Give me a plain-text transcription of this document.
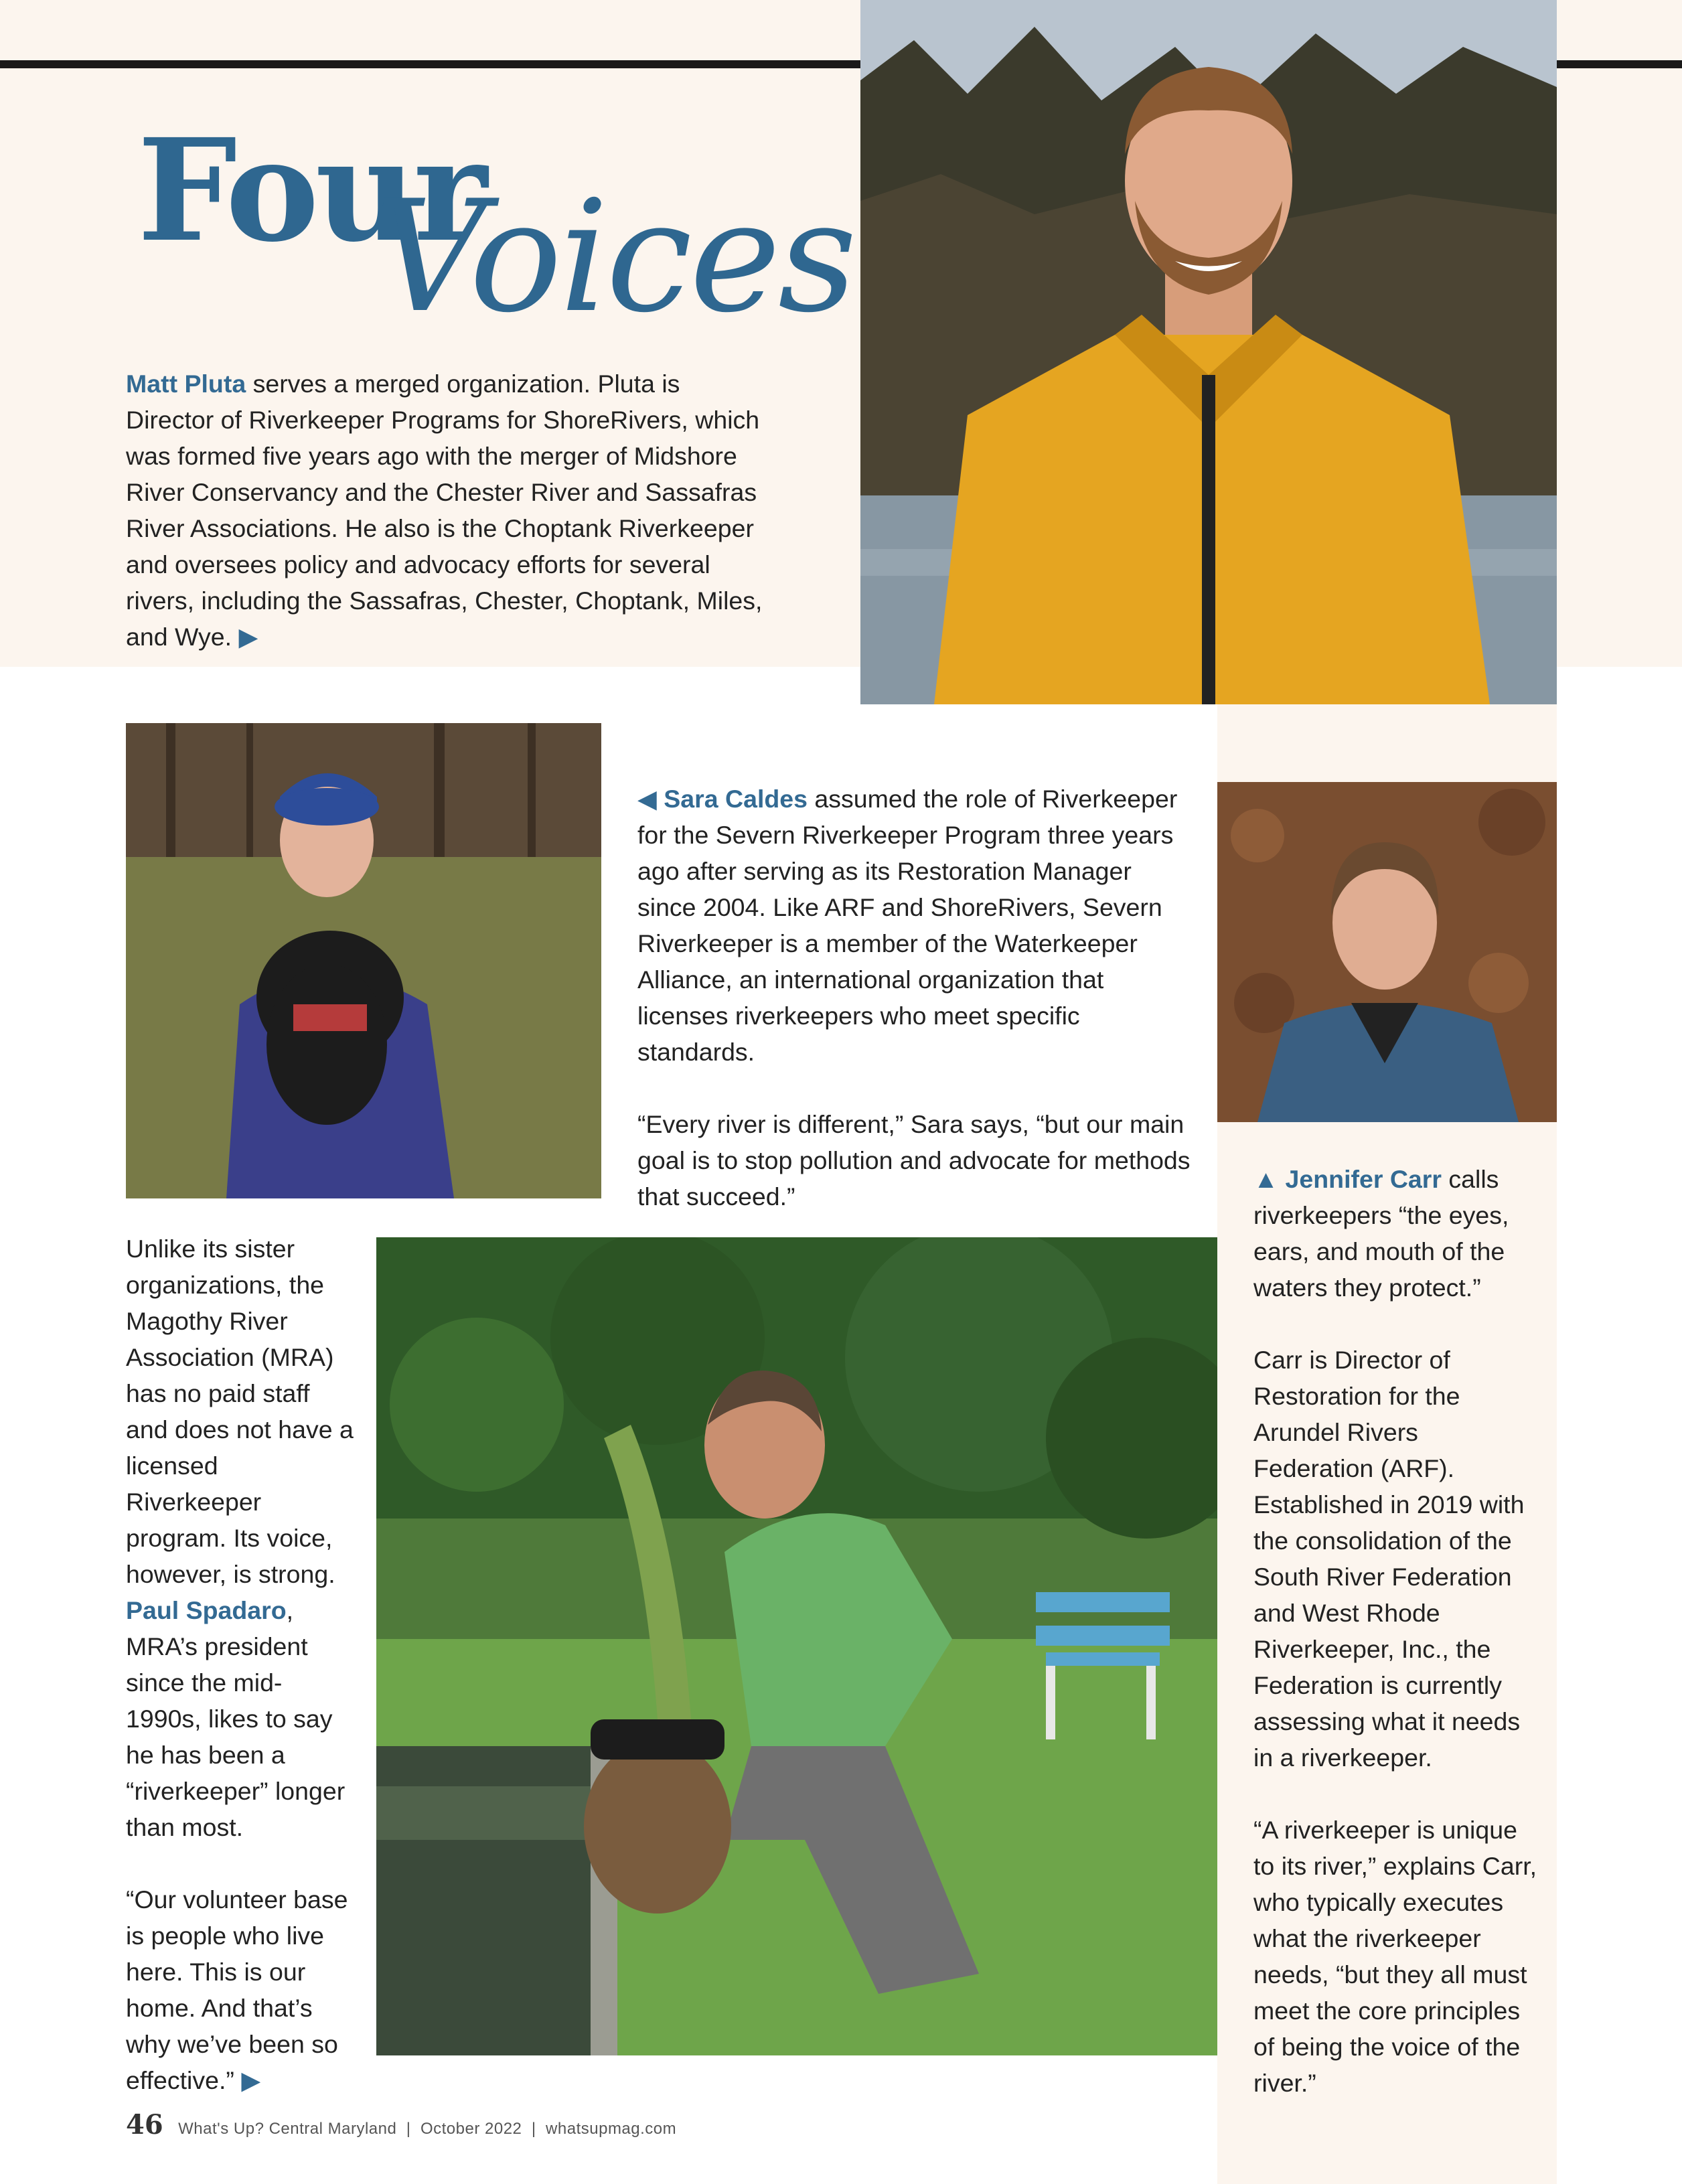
Four
Voices
Matt Pluta serves a merged organization. Pluta is Director of Riverkeeper Programs for ShoreRivers, which was formed five years ago with the merger of Midshore River Conservancy and the Chester River and Sassafras River Associations. He also is the Choptank Riverkeeper and oversees policy and advocacy efforts for several rivers, including the Sassafras, Chester, Choptank, Miles, and Wye. ▶

◀ Sara Caldes assumed the role of Riverkeeper for the Severn Riverkeeper Program three years ago after serving as its Restoration Manager since 2004. Like ARF and ShoreRivers, Severn Riverkeeper is a member of the Waterkeeper Alliance, an international organization that licenses riverkeepers who meet specific standards.

“Every river is different,” Sara says, “but our main goal is to stop pollution and advocate for methods that succeed.”

▲ Jennifer Carr calls riverkeepers “the eyes, ears, and mouth of the waters they protect.”

Carr is Director of Restoration for the Arundel Rivers Federation (ARF). Established in 2019 with the consolidation of the South River Federation and West Rhode Riverkeeper, Inc., the Federation is currently assessing what it needs in a riverkeeper.

“A riverkeeper is unique to its river,” explains Carr, who typically executes what the riverkeeper needs, “but they all must meet the core principles of being the voice of the river.”

Unlike its sister organizations, the Magothy River Association (MRA) has no paid staff and does not have a licensed Riverkeeper program. Its voice, however, is strong. Paul Spadaro, MRA’s president since the mid-1990s, likes to say he has been a “riverkeeper” longer than most.

“Our volunteer base is people who live here. This is our home. And that’s why we’ve been so effective.” ▶

46 What's Up? Central Maryland | October 2022 | whatsupmag.com
